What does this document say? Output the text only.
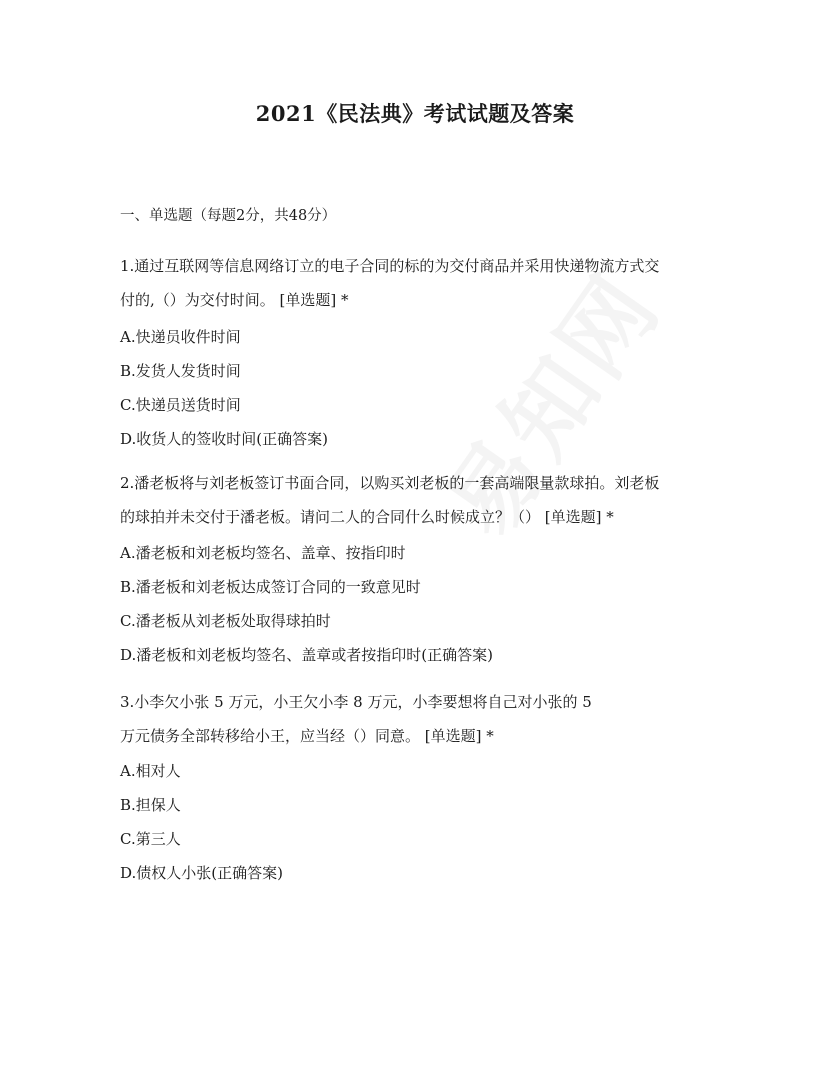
2021《民法典》考试试题及答案
一、单选题（每题2分，共48分）
1.通过互联网等信息网络订立的电子合同的标的为交付商品并采用快递物流方式交
付的,（）为交付时间。 [单选题] *
A.快递员收件时间
B.发货人发货时间
C.快递员送货时间
D.收货人的签收时间(正确答案)
2.潘老板将与刘老板签订书面合同，以购买刘老板的一套高端限量款球拍。刘老板
的球拍并未交付于潘老板。请问二人的合同什么时候成立？（） [单选题] *
A.潘老板和刘老板均签名、盖章、按指印时
B.潘老板和刘老板达成签订合同的一致意见时
C.潘老板从刘老板处取得球拍时
D.潘老板和刘老板均签名、盖章或者按指印时(正确答案)
3.小李欠小张 5 万元，小王欠小李 8 万元，小李要想将自己对小张的 5
万元债务全部转移给小王，应当经（）同意。 [单选题] *
A.相对人
B.担保人
C.第三人
D.债权人小张(正确答案)
